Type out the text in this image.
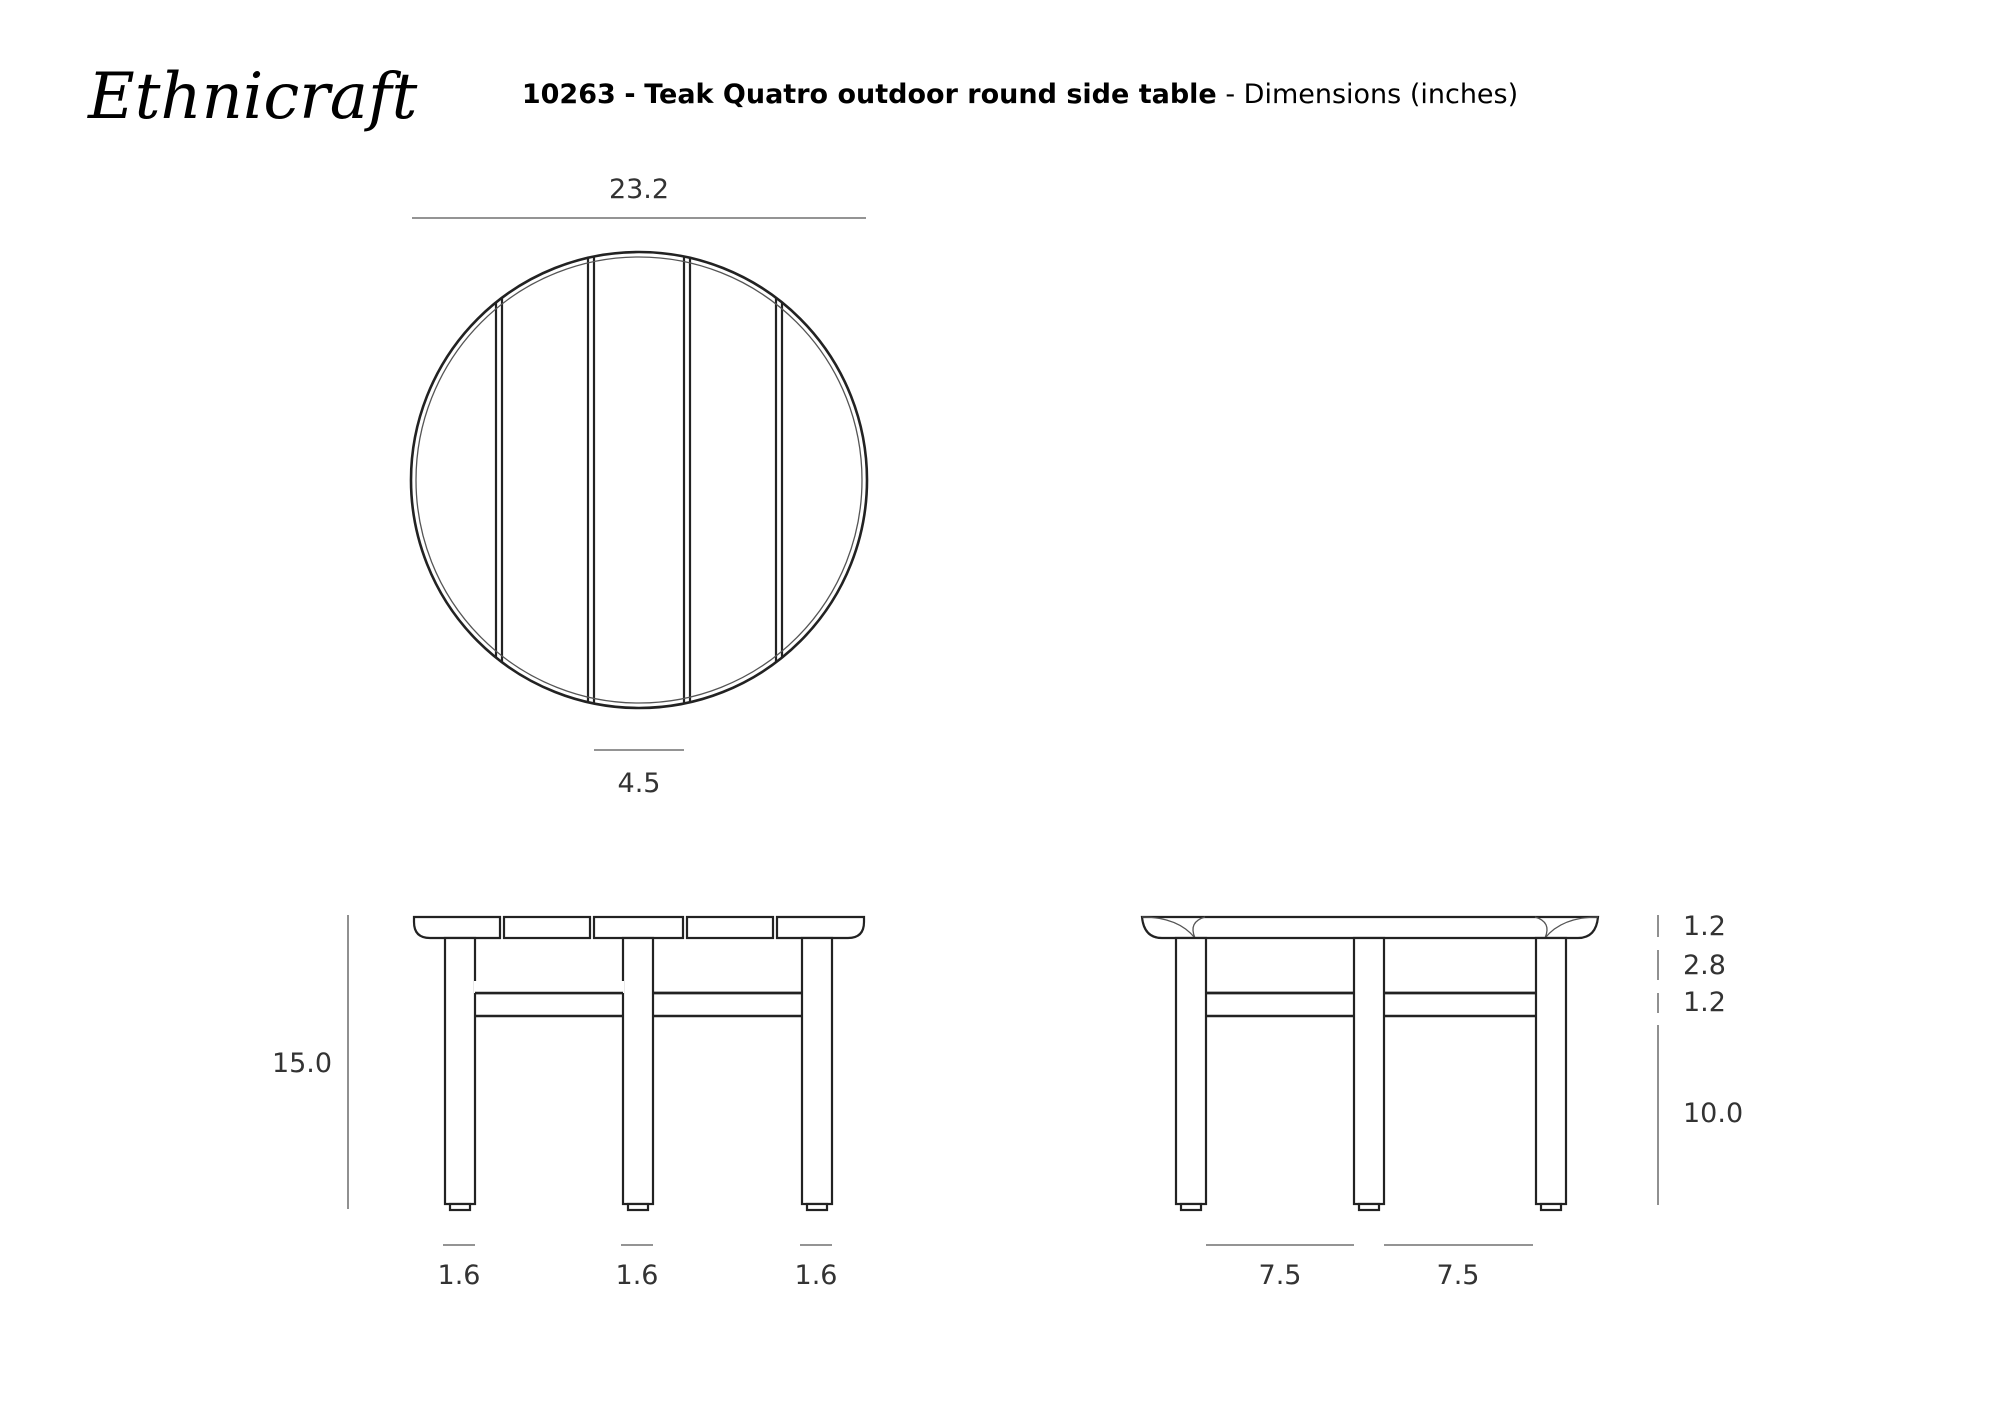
Ethnicraft	10263 - Teak Quatro outdoor round side table - Dimensions (inches)
23.2
4.5
15.0
1.6	1.6	1.6	7.5	7.5
1.2
2.8
1.2
10.0
